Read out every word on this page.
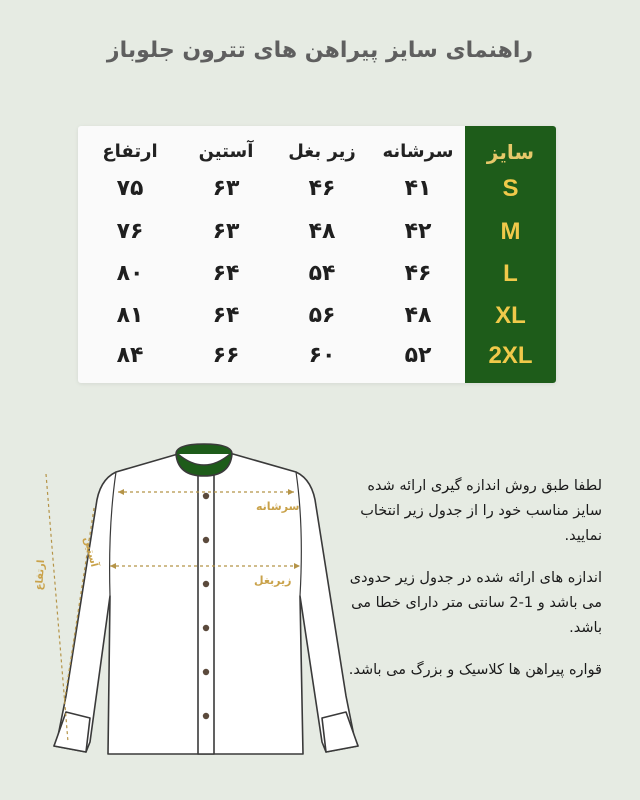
راهنمای سایز پیراهن های تترون جلوباز
سایز
سرشانه
زیر بغل
آستین
ارتفاع
S
۴۱
۴۶
۶۳
۷۵
M
۴۲
۴۸
۶۳
۷۶
L
۴۶
۵۴
۶۴
۸۰
XL
۴۸
۵۶
۶۴
۸۱
2XL
۵۲
۶۰
۶۶
۸۴
سرشانه
زیربغل
آستین
ارتفاع

لطفا طبق روش اندازه گیری ارائه شده سایز مناسب خود را از جدول زیر انتخاب نمایید.

اندازه های ارائه شده در جدول زیر حدودی می باشد و 1-2 سانتی متر دارای خطا می باشد.

قواره پیراهن ها کلاسیک و بزرگ می باشد.
